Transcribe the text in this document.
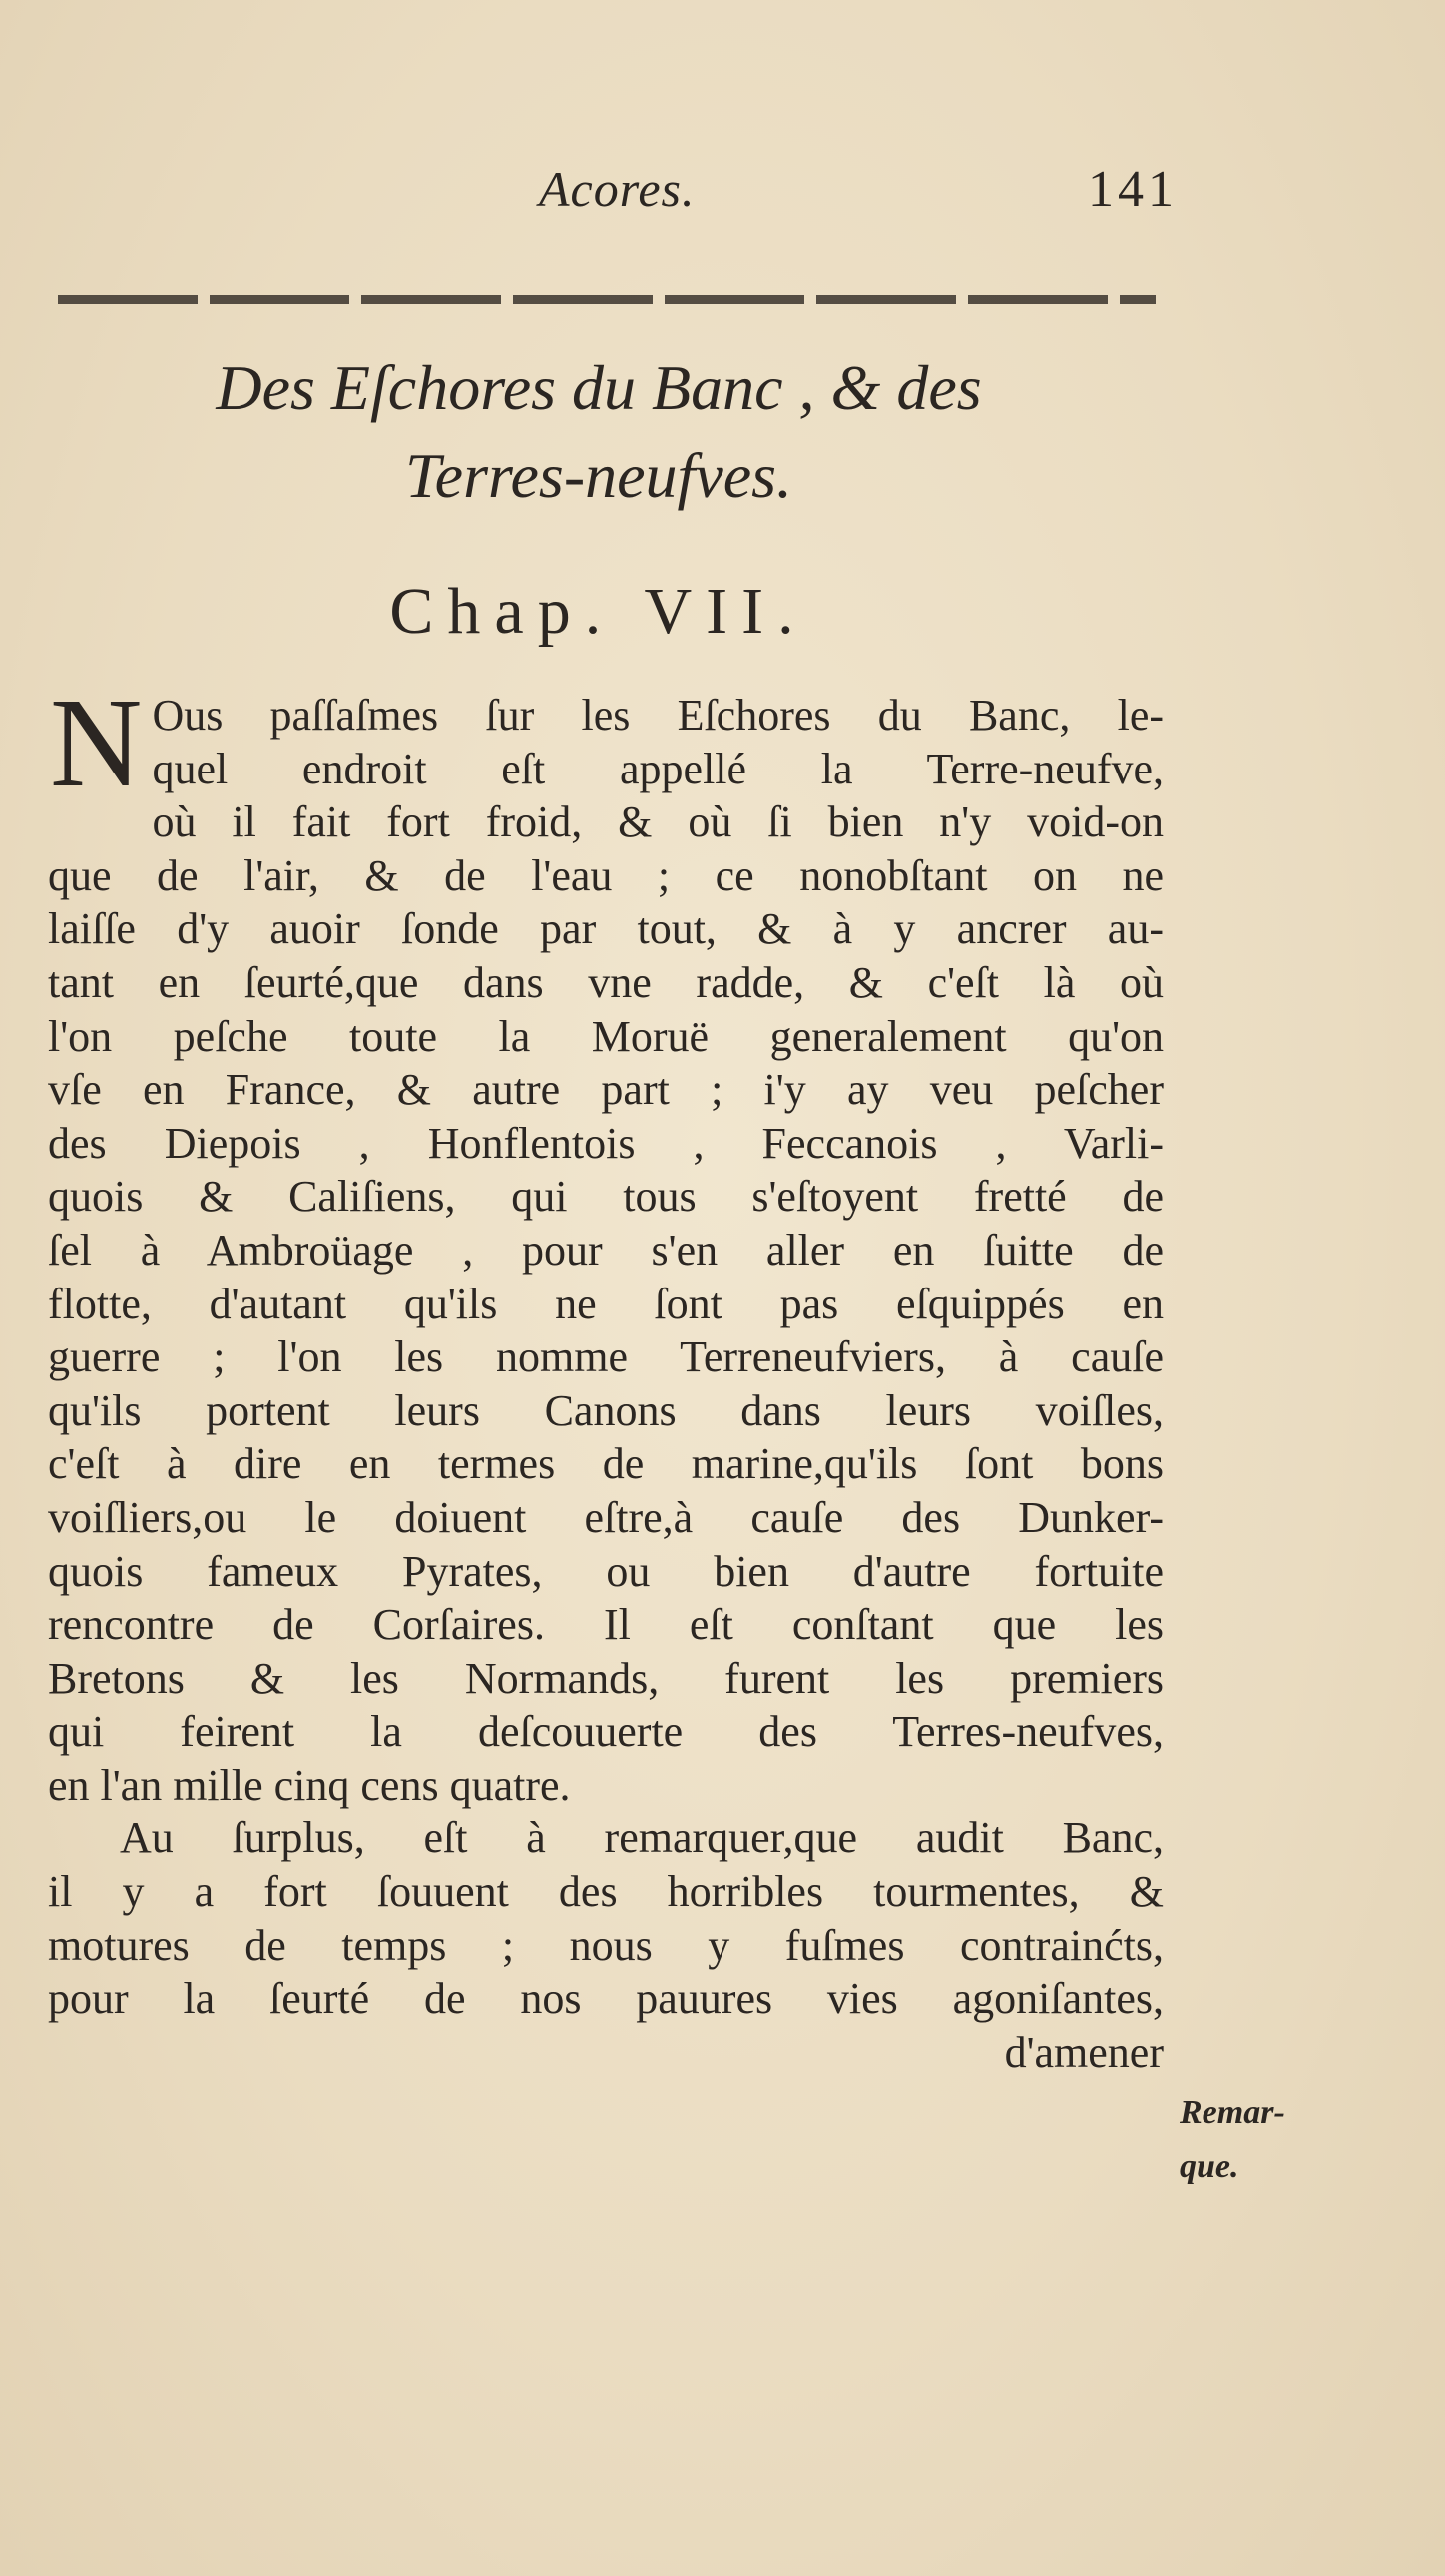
Acores.	141
Des Eſchores du Banc , & des
Terres-neufves.
Chap. VII.
N Ous paſſaſmes ſur les Eſchores du Banc, le-
quel endroit eſt appellé la Terre-neufve,
où il fait fort froid, & où ſi bien n'y void-on
que de l'air, & de l'eau ; ce nonobſtant on ne
laiſſe d'y auoir ſonde par tout, & à y ancrer au-
tant en ſeurté,que dans vne radde, & c'eſt là où
l'on peſche toute la Moruë generalement qu'on
vſe en France, & autre part ; i'y ay veu peſcher
des Diepois , Honflentois , Feccanois , Varli-
quois & Caliſiens, qui tous s'eſtoyent fretté de
ſel à Ambroüage , pour s'en aller en ſuitte de
flotte, d'autant qu'ils ne ſont pas eſquippés en
guerre ; l'on les nomme Terreneufviers, à cauſe
qu'ils portent leurs Canons dans leurs voiſles,
c'eſt à dire en termes de marine,qu'ils ſont bons
voiſliers,ou le doiuent eſtre,à cauſe des Dunker-
quois fameux Pyrates, ou bien d'autre fortuite
rencontre de Corſaires. Il eſt conſtant que les
Bretons & les Normands, furent les premiers
qui feirent la deſcouuerte des Terres-neufves,
en l'an mille cinq cens quatre.
Au ſurplus, eſt à remarquer,que audit Banc,
il y a fort ſouuent des horribles tourmentes, &
motures de temps ; nous y fuſmes contrainćts,
pour la ſeurté de nos pauures vies agoniſantes,
d'amener
Remar-
que.
